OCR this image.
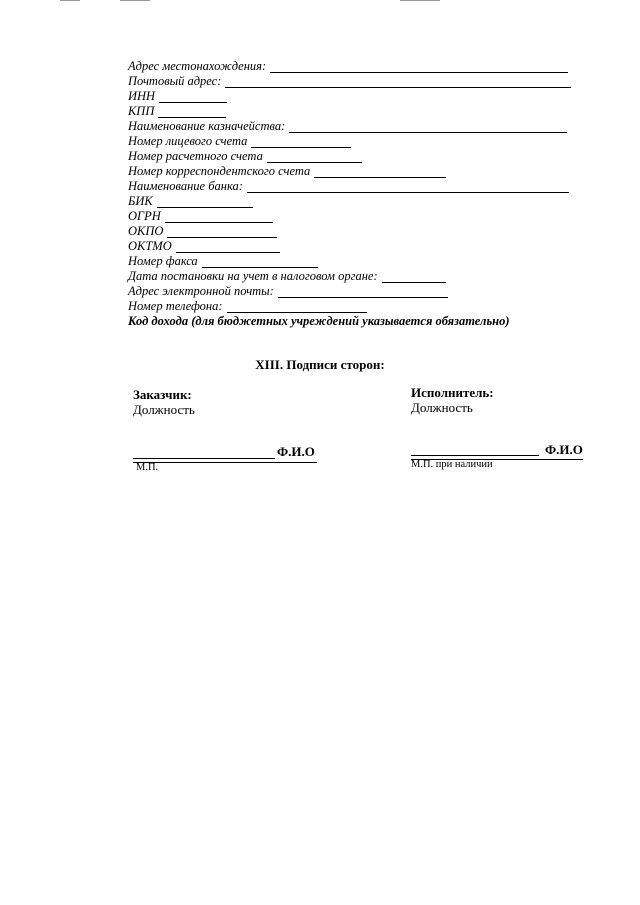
Адрес местонахождения:
Почтовый адрес:
ИНН
КПП
Наименование казначейства:
Номер лицевого счета
Номер расчетного счета
Номер корреспондентского счета
Наименование банка:
БИК
ОГРН
ОКПО
ОКТМО
Номер факса
Дата постановки на учет в налоговом органе:
Адрес электронной почты:
Номер телефона:
Код дохода (для бюджетных учреждений указывается обязательно)
XIII. Подписи сторон:
Заказчик:
Должность
Ф.И.О
М.П.
Исполнитель:
Должность
Ф.И.О
М.П. при наличии
